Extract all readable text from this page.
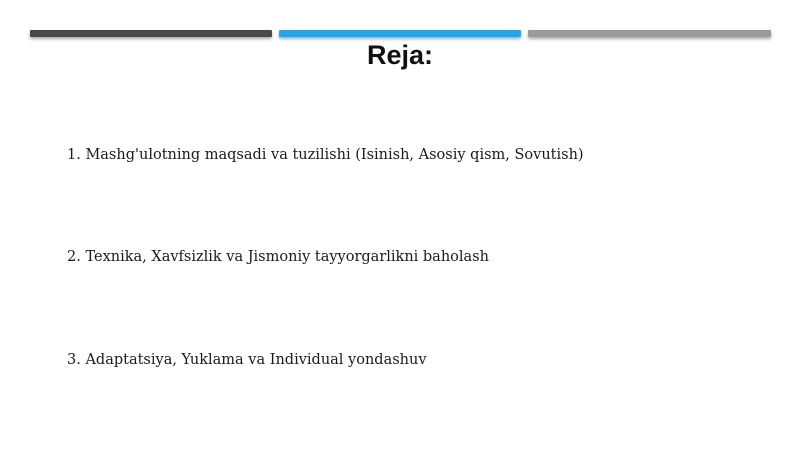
Reja:

1. Mashg'ulotning maqsadi va tuzilishi (Isinish, Asosiy qism, Sovutish)

2. Texnika, Xavfsizlik va Jismoniy tayyorgarlikni baholash

3. Adaptatsiya, Yuklama va Individual yondashuv
